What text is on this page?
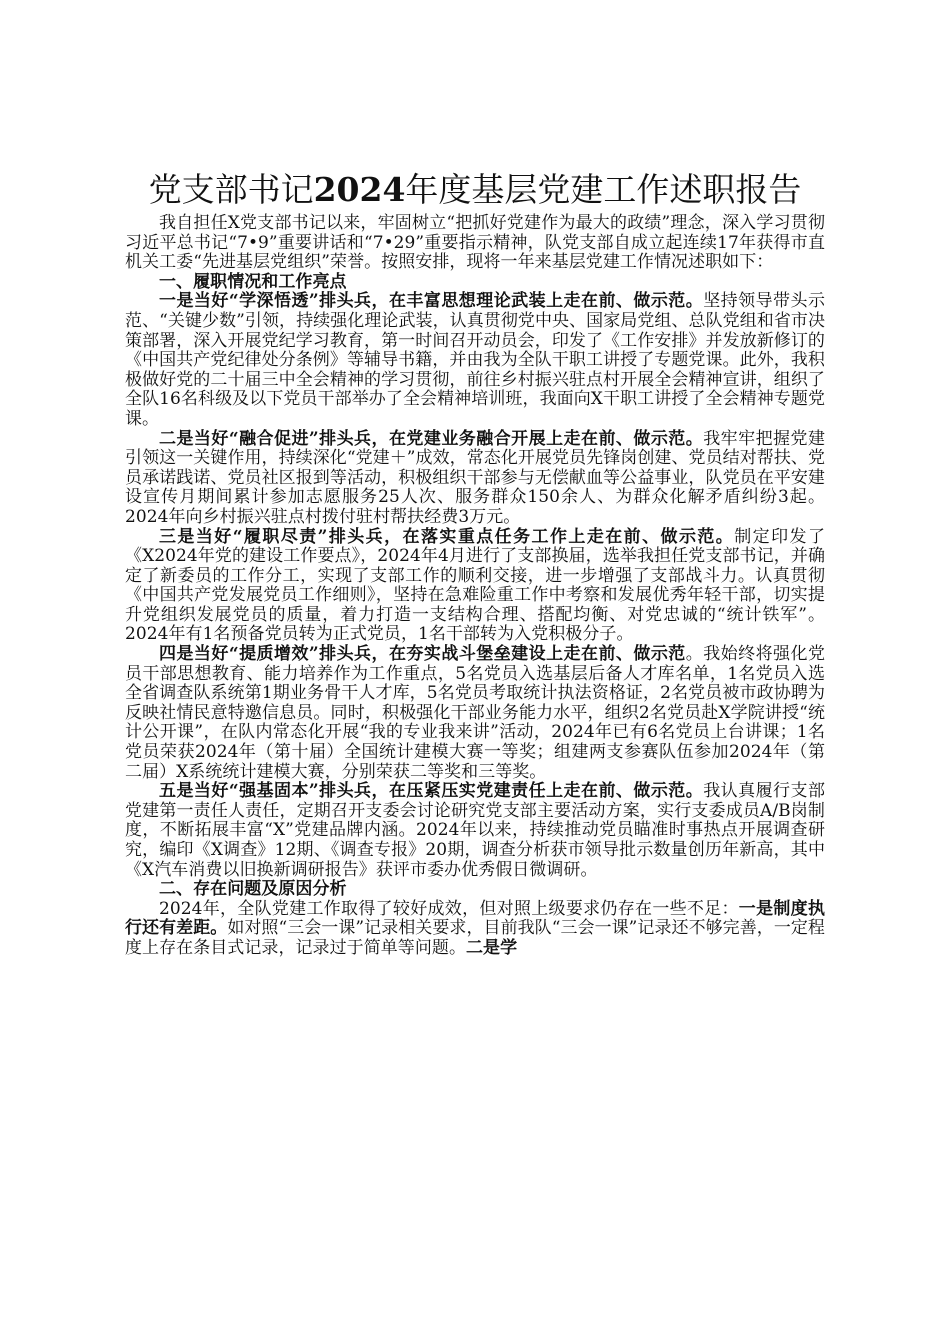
党支部书记2024年度基层党建工作述职报告

我自担任X党支部书记以来，牢固树立“把抓好党建作为最大的政绩”理念，深入学习贯彻习近平总书记“7•9”重要讲话和“7•29”重要指示精神，队党支部自成立起连续17年获得市直机关工委“先进基层党组织”荣誉。按照安排，现将一年来基层党建工作情况述职如下：

一、履职情况和工作亮点

一是当好“学深悟透”排头兵，在丰富思想理论武装上走在前、做示范。坚持领导带头示范、“关键少数”引领，持续强化理论武装，认真贯彻党中央、国家局党组、总队党组和省市决策部署，深入开展党纪学习教育，第一时间召开动员会，印发了《工作安排》并发放新修订的《中国共产党纪律处分条例》等辅导书籍，并由我为全队干职工讲授了专题党课。此外，我积极做好党的二十届三中全会精神的学习贯彻，前往乡村振兴驻点村开展全会精神宣讲，组织了全队16名科级及以下党员干部举办了全会精神培训班，我面向X干职工讲授了全会精神专题党课。

二是当好“融合促进”排头兵，在党建业务融合开展上走在前、做示范。我牢牢把握党建引领这一关键作用，持续深化“党建＋”成效，常态化开展党员先锋岗创建、党员结对帮扶、党员承诺践诺、党员社区报到等活动，积极组织干部参与无偿献血等公益事业，队党员在平安建设宣传月期间累计参加志愿服务25人次、服务群众150余人、为群众化解矛盾纠纷3起。2024年向乡村振兴驻点村拨付驻村帮扶经费3万元。

三是当好“履职尽责”排头兵，在落实重点任务工作上走在前、做示范。制定印发了《X2024年党的建设工作要点》，2024年4月进行了支部换届，选举我担任党支部书记，并确定了新委员的工作分工，实现了支部工作的顺利交接，进一步增强了支部战斗力。认真贯彻《中国共产党发展党员工作细则》，坚持在急难险重工作中考察和发展优秀年轻干部，切实提升党组织发展党员的质量，着力打造一支结构合理、搭配均衡、对党忠诚的“统计铁军”。2024年有1名预备党员转为正式党员，1名干部转为入党积极分子。

四是当好“提质增效”排头兵，在夯实战斗堡垒建设上走在前、做示范。我始终将强化党员干部思想教育、能力培养作为工作重点，5名党员入选基层后备人才库名单，1名党员入选全省调查队系统第1期业务骨干人才库，5名党员考取统计执法资格证，2名党员被市政协聘为反映社情民意特邀信息员。同时，积极强化干部业务能力水平，组织2名党员赴X学院讲授“统计公开课”，在队内常态化开展“我的专业我来讲”活动，2024年已有6名党员上台讲课；1名党员荣获2024年（第十届）全国统计建模大赛一等奖；组建两支参赛队伍参加2024年（第二届）X系统统计建模大赛，分别荣获二等奖和三等奖。

五是当好“强基固本”排头兵，在压紧压实党建责任上走在前、做示范。我认真履行支部党建第一责任人责任，定期召开支委会讨论研究党支部主要活动方案，实行支委成员A/B岗制度，不断拓展丰富“X”党建品牌内涵。2024年以来，持续推动党员瞄准时事热点开展调查研究，编印《X调查》12期、《调查专报》20期，调查分析获市领导批示数量创历年新高，其中《X汽车消费以旧换新调研报告》获评市委办优秀假日微调研。

二、存在问题及原因分析

2024年，全队党建工作取得了较好成效，但对照上级要求仍存在一些不足：一是制度执行还有差距。如对照“三会一课”记录相关要求，目前我队“三会一课”记录还不够完善，一定程度上存在条目式记录，记录过于简单等问题。二是学
